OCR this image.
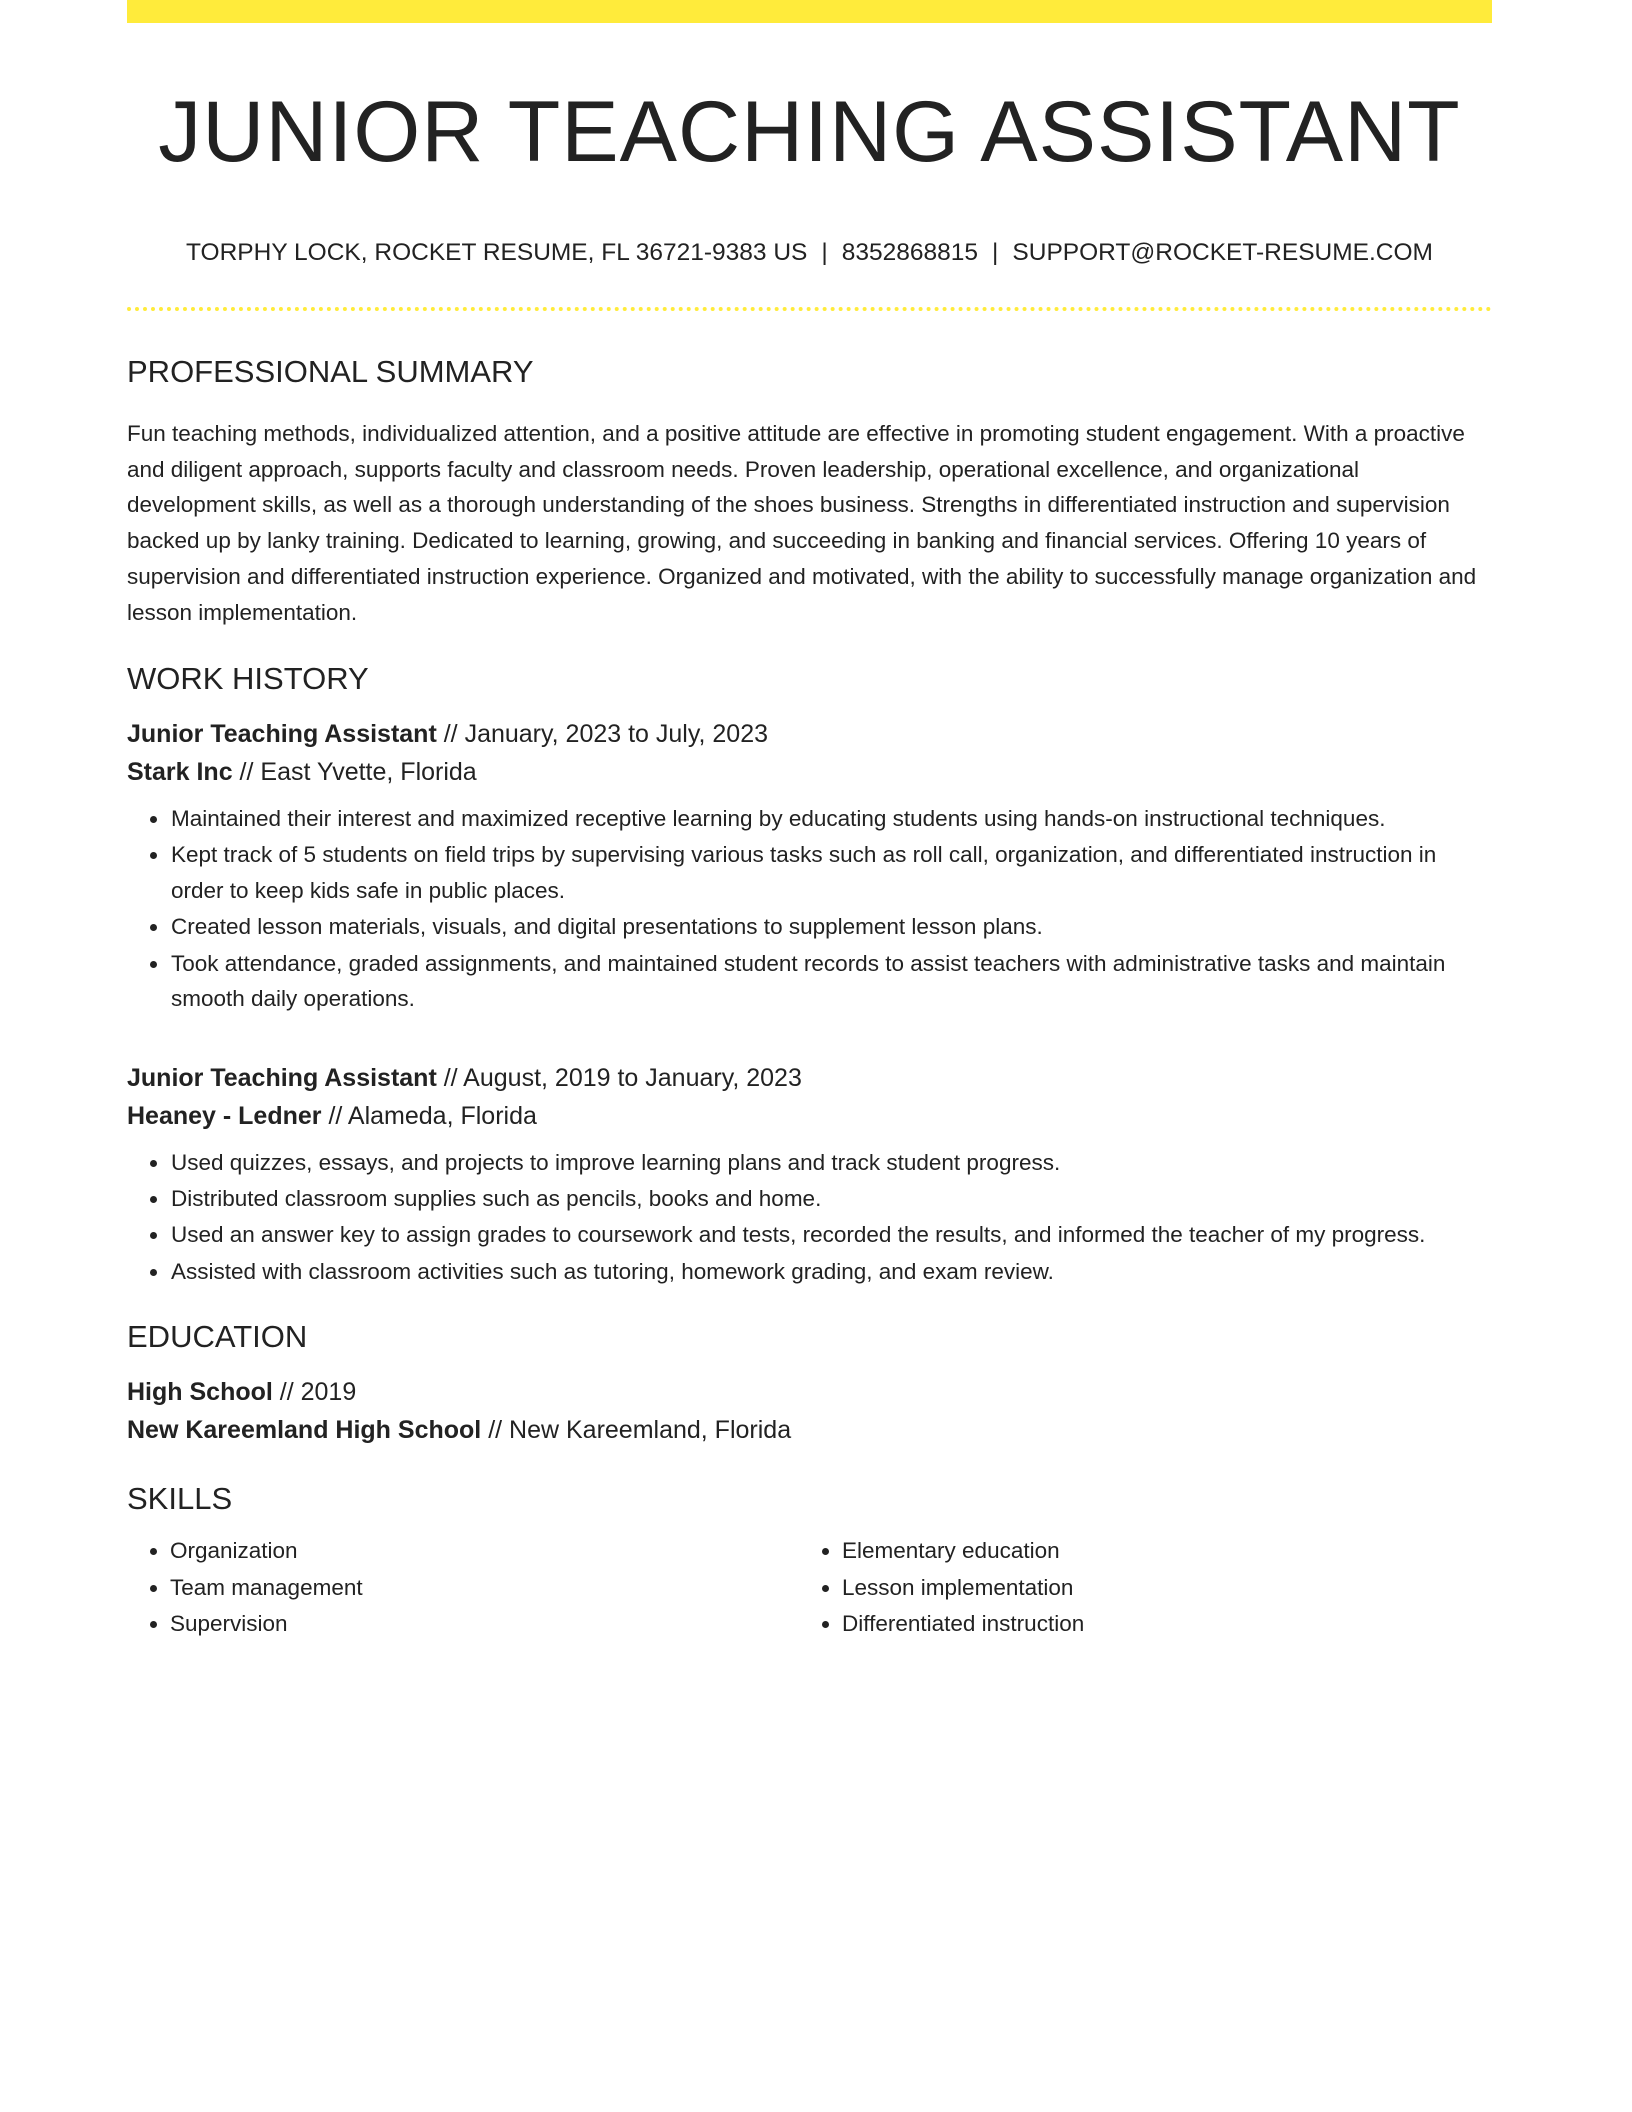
JUNIOR TEACHING ASSISTANT
TORPHY LOCK, ROCKET RESUME, FL 36721-9383 US | 8352868815 | SUPPORT@ROCKET-RESUME.COM
PROFESSIONAL SUMMARY

Fun teaching methods, individualized attention, and a positive attitude are effective in promoting student engagement. With a proactive and diligent approach, supports faculty and classroom needs. Proven leadership, operational excellence, and organizational development skills, as well as a thorough understanding of the shoes business. Strengths in differentiated instruction and supervision backed up by lanky training. Dedicated to learning, growing, and succeeding in banking and financial services. Offering 10 years of supervision and differentiated instruction experience. Organized and motivated, with the ability to successfully manage organization and lesson implementation.

WORK HISTORY
Junior Teaching Assistant // January, 2023 to July, 2023
Stark Inc // East Yvette, Florida
• Maintained their interest and maximized receptive learning by educating students using hands-on instructional techniques.
• Kept track of 5 students on field trips by supervising various tasks such as roll call, organization, and differentiated instruction in order to keep kids safe in public places.
• Created lesson materials, visuals, and digital presentations to supplement lesson plans.
• Took attendance, graded assignments, and maintained student records to assist teachers with administrative tasks and maintain smooth daily operations.
Junior Teaching Assistant // August, 2019 to January, 2023
Heaney - Ledner // Alameda, Florida
• Used quizzes, essays, and projects to improve learning plans and track student progress.
• Distributed classroom supplies such as pencils, books and home.
• Used an answer key to assign grades to coursework and tests, recorded the results, and informed the teacher of my progress.
• Assisted with classroom activities such as tutoring, homework grading, and exam review.
EDUCATION
High School // 2019
New Kareemland High School // New Kareemland, Florida
SKILLS
• Organization
• Team management
• Supervision
• Elementary education
• Lesson implementation
• Differentiated instruction
